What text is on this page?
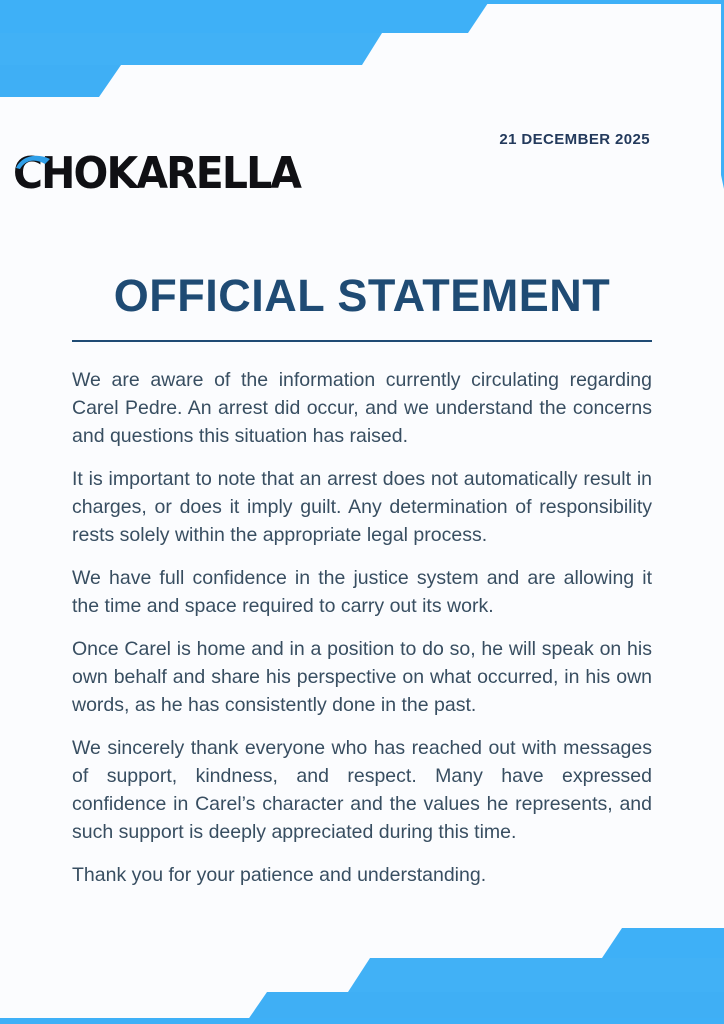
21 DECEMBER 2025
CHOKARELLA
OFFICIAL STATEMENT

We are aware of the information currently circulating regarding Carel Pedre. An arrest did occur, and we understand the concerns and questions this situation has raised.

It is important to note that an arrest does not automatically result in charges, or does it imply guilt. Any determination of responsibility rests solely within the appropriate legal process.

We have full confidence in the justice system and are allowing it the time and space required to carry out its work.

Once Carel is home and in a position to do so, he will speak on his own behalf and share his perspective on what occurred, in his own words, as he has consistently done in the past.

We sincerely thank everyone who has reached out with messages of support, kindness, and respect. Many have expressed confidence in Carel’s character and the values he represents, and such support is deeply appreciated during this time.

Thank you for your patience and understanding.
